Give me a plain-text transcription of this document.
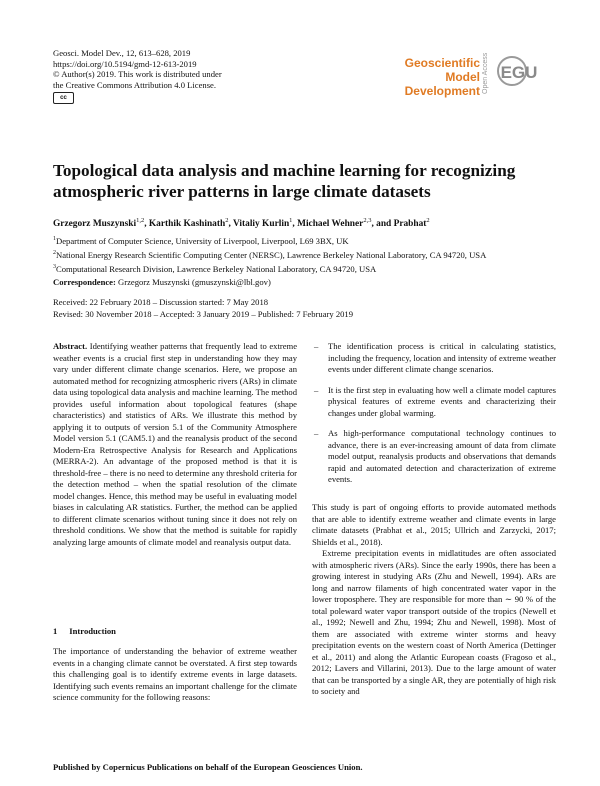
Geosci. Model Dev., 12, 613–628, 2019
https://doi.org/10.5194/gmd-12-613-2019
© Author(s) 2019. This work is distributed under
the Creative Commons Attribution 4.0 License.
cc
Geoscientific
Model Development Open Access EGU
Topological data analysis and machine learning for recognizing
atmospheric river patterns in large climate datasets
Grzegorz Muszynski$^{1,2}$, Karthik Kashinath$^2$, Vitaliy Kurlin$^1$, Michael Wehner$^{2,3}$, and Prabhat$^2$
$^1$Department of Computer Science, University of Liverpool, Liverpool, L69 3BX, UK
$^2$National Energy Research Scientific Computing Center (NERSC), Lawrence Berkeley National Laboratory, CA 94720, USA
$^3$Computational Research Division, Lawrence Berkeley National Laboratory, CA 94720, USA
Correspondence: Grzegorz Muszynski (gmuszynski@lbl.gov)
Received: 22 February 2018 – Discussion started: 7 May 2018
Revised: 30 November 2018 – Accepted: 3 January 2019 – Published: 7 February 2019
Abstract. Identifying weather patterns that frequently lead to extreme weather events is a crucial first step in understanding how they may vary under different climate change scenarios. Here, we propose an automated method for recognizing atmospheric rivers (ARs) in climate data using topological data analysis and machine learning. The method provides useful information about topological features (shape characteristics) and statistics of ARs. We illustrate this method by applying it to outputs of version 5.1 of the Community Atmosphere Model version 5.1 (CAM5.1) and the reanalysis product of the second Modern-Era Retrospective Analysis for Research and Applications (MERRA-2). An advantage of the proposed method is that it is threshold-free – there is no need to determine any threshold criteria for the detection method – when the spatial resolution of the climate model changes. Hence, this method may be useful in evaluating model biases in calculating AR statistics. Further, the method can be applied to different climate scenarios without tuning since it does not rely on threshold conditions. We show that the method is suitable for rapidly analyzing large amounts of climate model and reanalysis output data.
1 Introduction
The importance of understanding the behavior of extreme weather events in a changing climate cannot be overstated. A first step towards this challenging goal is to identify extreme events in large datasets. Identifying such events remains an important challenge for the climate science community for the following reasons:
– The identification process is critical in calculating statistics, including the frequency, location and intensity of extreme weather events under different climate change scenarios.
– It is the first step in evaluating how well a climate model captures physical features of extreme events and characterizing their changes under global warming.
– As high-performance computational technology continues to advance, there is an ever-increasing amount of data from climate model output, reanalysis products and observations that demands rapid and automated detection and characterization of extreme events.

This study is part of ongoing efforts to provide automated methods that are able to identify extreme weather and climate events in large climate datasets (Prabhat et al., 2015; Ullrich and Zarzycki, 2017; Shields et al., 2018).

Extreme precipitation events in midlatitudes are often associated with atmospheric rivers (ARs). Since the early 1990s, there has been a growing interest in studying ARs (Zhu and Newell, 1994). ARs are long and narrow filaments of high concentrated water vapor in the lower troposphere. They are responsible for more than ∼ 90 % of the total poleward water vapor transport outside of the tropics (Newell et al., 1992; Newell and Zhu, 1994; Zhu and Newell, 1998). Most of them are associated with extreme winter storms and heavy precipitation events on the western coast of North America (Dettinger et al., 2011) and along the Atlantic European coasts (Fragoso et al., 2012; Lavers and Villarini, 2013). Due to the large amount of water that can be transported by a single AR, they are potentially of high risk to society and

Published by Copernicus Publications on behalf of the European Geosciences Union.
